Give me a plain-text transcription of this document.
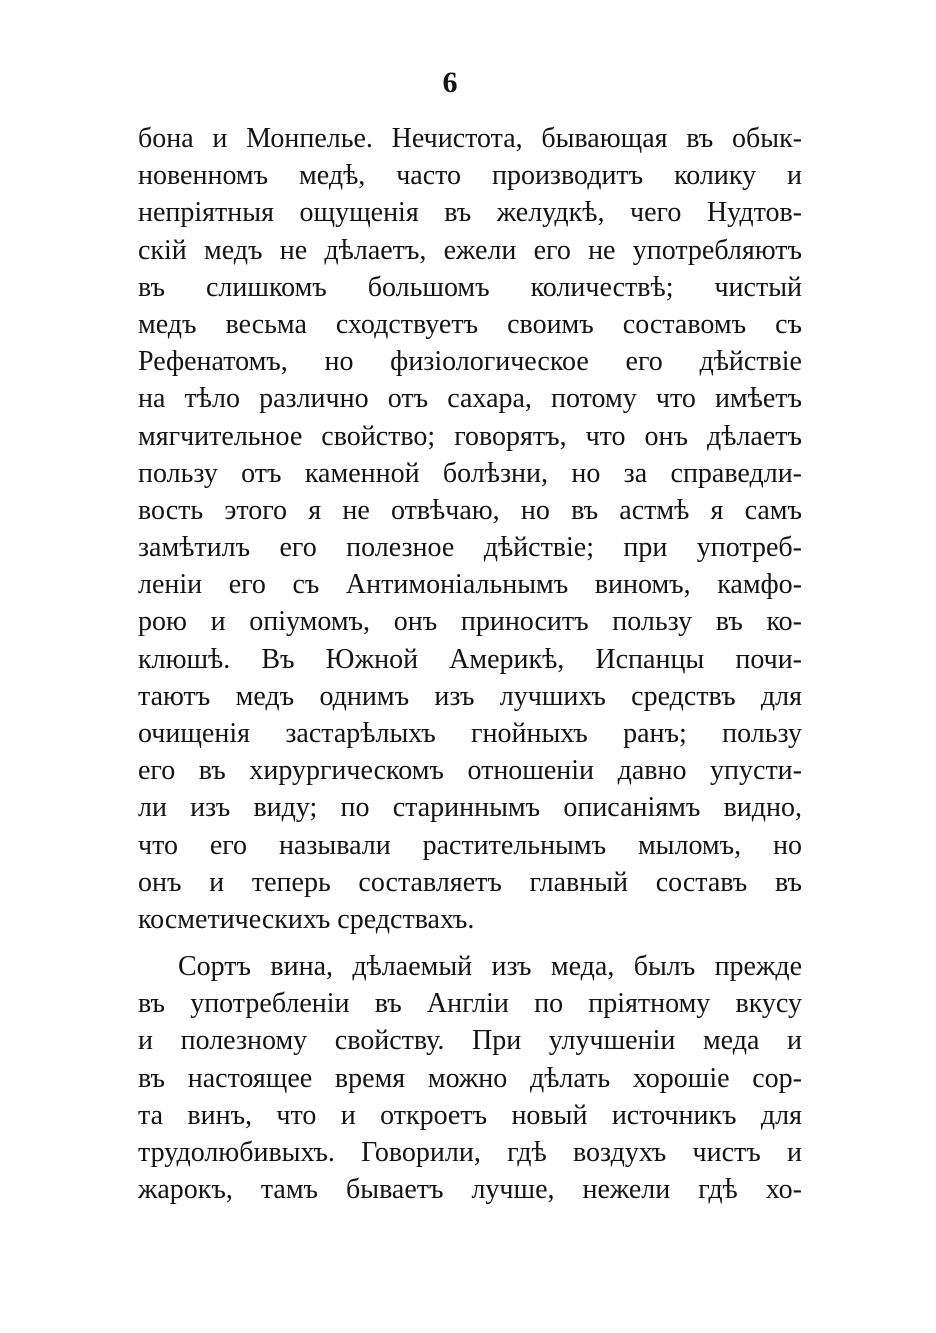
6
бона и Монпелье. Нечистота, бывающая въ обык-
новенномъ медѣ, часто производитъ колику и
непріятныя ощущенія въ желудкѣ, чего Нудтов-
скій медъ не дѣлаетъ, ежели его не употребляютъ
въ слишкомъ большомъ количествѣ; чистый
медъ весьма сходствуетъ своимъ составомъ съ
Рефенатомъ, но физіологическое его дѣйствіе
на тѣло различно отъ сахара, потому что имѣетъ
мягчительное свойство; говорятъ, что онъ дѣлаетъ
пользу отъ каменной болѣзни, но за справедли-
вость этого я не отвѣчаю, но въ астмѣ я самъ
замѣтилъ его полезное дѣйствіе; при употреб-
леніи его съ Антимоніальнымъ виномъ, камфо-
рою и опіумомъ, онъ приноситъ пользу въ ко-
клюшѣ. Въ Южной Америкѣ, Испанцы почи-
таютъ медъ однимъ изъ лучшихъ средствъ для
очищенія застарѣлыхъ гнойныхъ ранъ; пользу
его въ хирургическомъ отношеніи давно упусти-
ли изъ виду; по стариннымъ описаніямъ видно,
что его называли растительнымъ мыломъ, но
онъ и теперь составляетъ главный составъ въ
косметическихъ средствахъ.
Сортъ вина, дѣлаемый изъ меда, былъ прежде
въ употребленіи въ Англіи по пріятному вкусу
и полезному свойству. При улучшеніи меда и
въ настоящее время можно дѣлать хорошіе сор-
та винъ, что и откроетъ новый источникъ для
трудолюбивыхъ. Говорили, гдѣ воздухъ чистъ и
жарокъ, тамъ бываетъ лучше, нежели гдѣ хо-
